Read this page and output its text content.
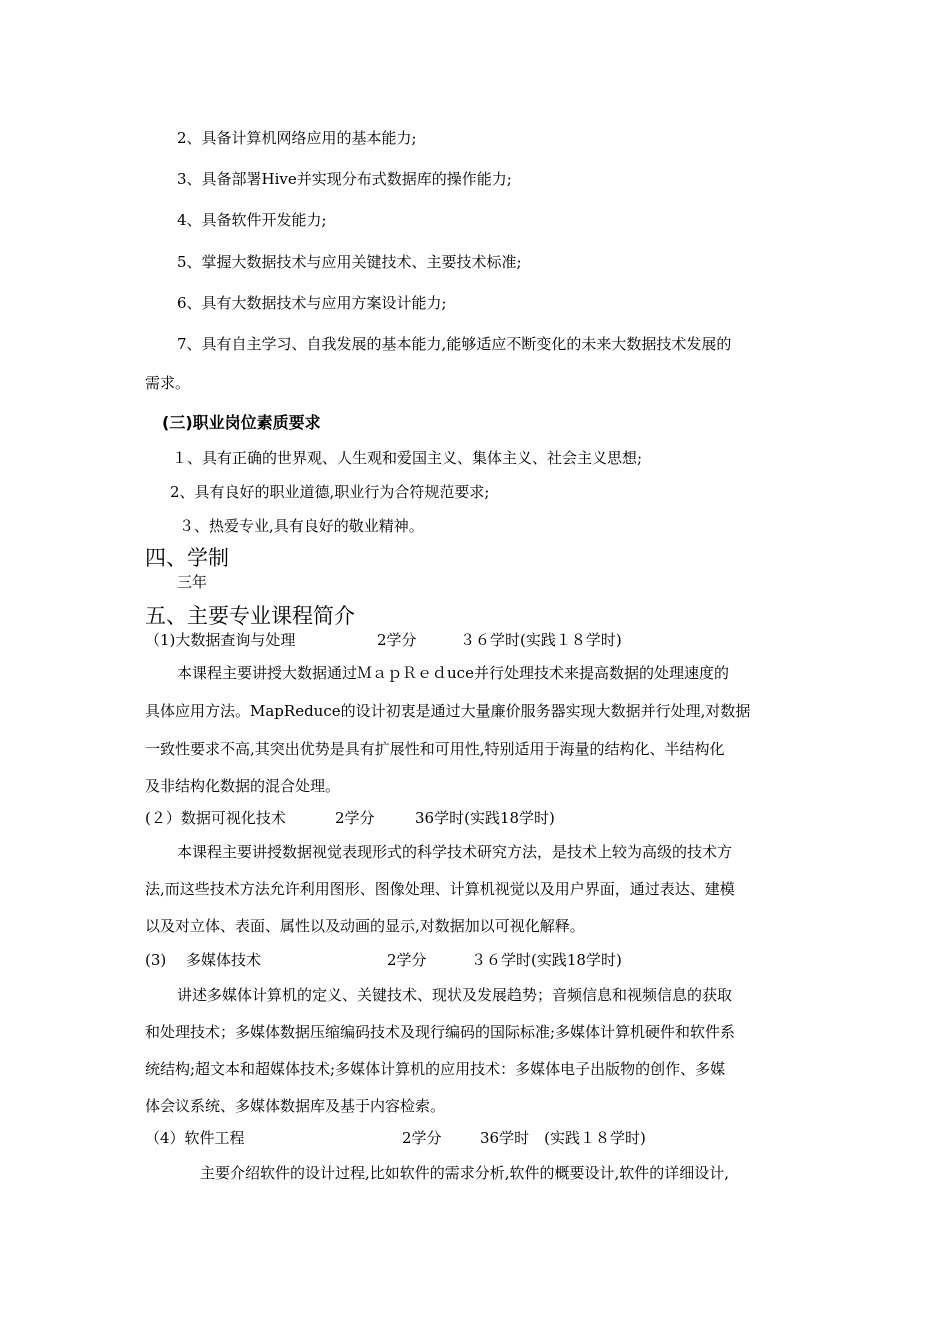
2、具备计算机网络应用的基本能力;
3、具备部署Hive并实现分布式数据库的操作能力;
4、具备软件开发能力;
5、掌握大数据技术与应用关键技术、主要技术标准;
6、具有大数据技术与应用方案设计能力;
7、具有自主学习、自我发展的基本能力,能够适应不断变化的未来大数据技术发展的
需求。
(三)职业岗位素质要求
１、具有正确的世界观、人生观和爱国主义、集体主义、社会主义思想;
2、具有良好的职业道德,职业行为合符规范要求;
３、热爱专业,具有良好的敬业精神。
四、学制
三年
五、主要专业课程简介
（1)大数据查询与处理	2学分	３６学时(实践１８学时)
本课程主要讲授大数据通过ＭａｐＲｅｄuce并行处理技术来提高数据的处理速度的
具体应用方法。MapReduce的设计初衷是通过大量廉价服务器实现大数据并行处理,对数据
一致性要求不高,其突出优势是具有扩展性和可用性,特别适用于海量的结构化、半结构化
及非结构化数据的混合处理。
(２）数据可视化技术	2学分	36学时(实践18学时)
本课程主要讲授数据视觉表现形式的科学技术研究方法，是技术上较为高级的技术方
法,而这些技术方法允许利用图形、图像处理、计算机视觉以及用户界面，通过表达、建模
以及对立体、表面、属性以及动画的显示,对数据加以可视化解释。
(3)　 多媒体技术	2学分	３６学时(实践18学时)
讲述多媒体计算机的定义、关键技术、现状及发展趋势；音频信息和视频信息的获取
和处理技术；多媒体数据压缩编码技术及现行编码的国际标准;多媒体计算机硬件和软件系
统结构;超文本和超媒体技术;多媒体计算机的应用技术：多媒体电子出版物的创作、多媒
体会议系统、多媒体数据库及基于内容检索。
（4）软件工程	2学分	36学时　(实践１８学时)
主要介绍软件的设计过程,比如软件的需求分析,软件的概要设计,软件的详细设计,
